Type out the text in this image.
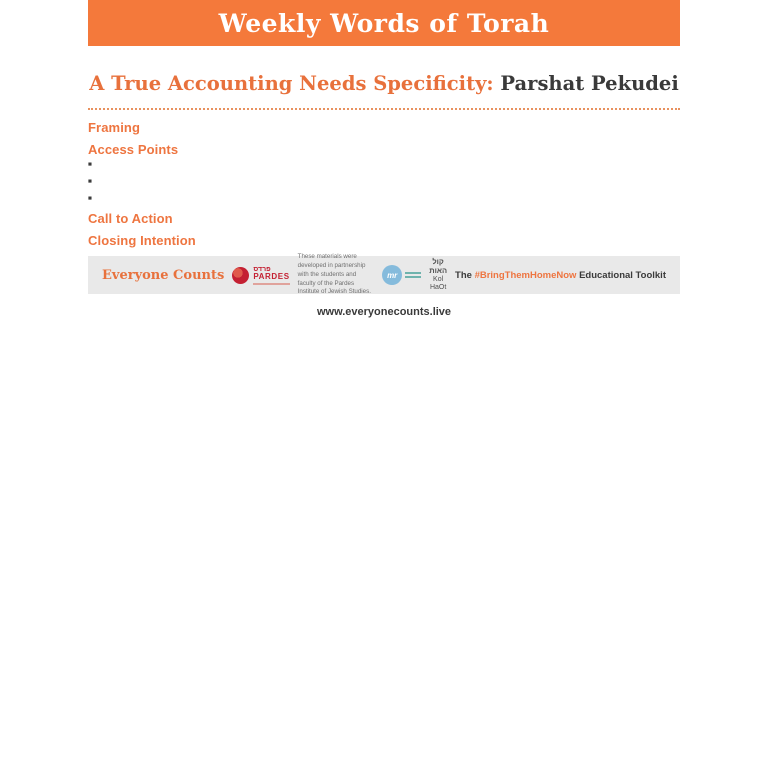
Weekly Words of Torah
A True Accounting Needs Specificity: Parshat Pekudei
Framing

Access Points

■

■

■

Call to Action

Closing Intention

Everyone Counts	פרדס
PARDES

These materials were developed in partnership with the students and faculty of the Pardes Institute of Jewish Studies.

mr
קול האות
Kol HaOt

The #BringThemHomeNow Educational Toolkit

www.everyonecounts.live
